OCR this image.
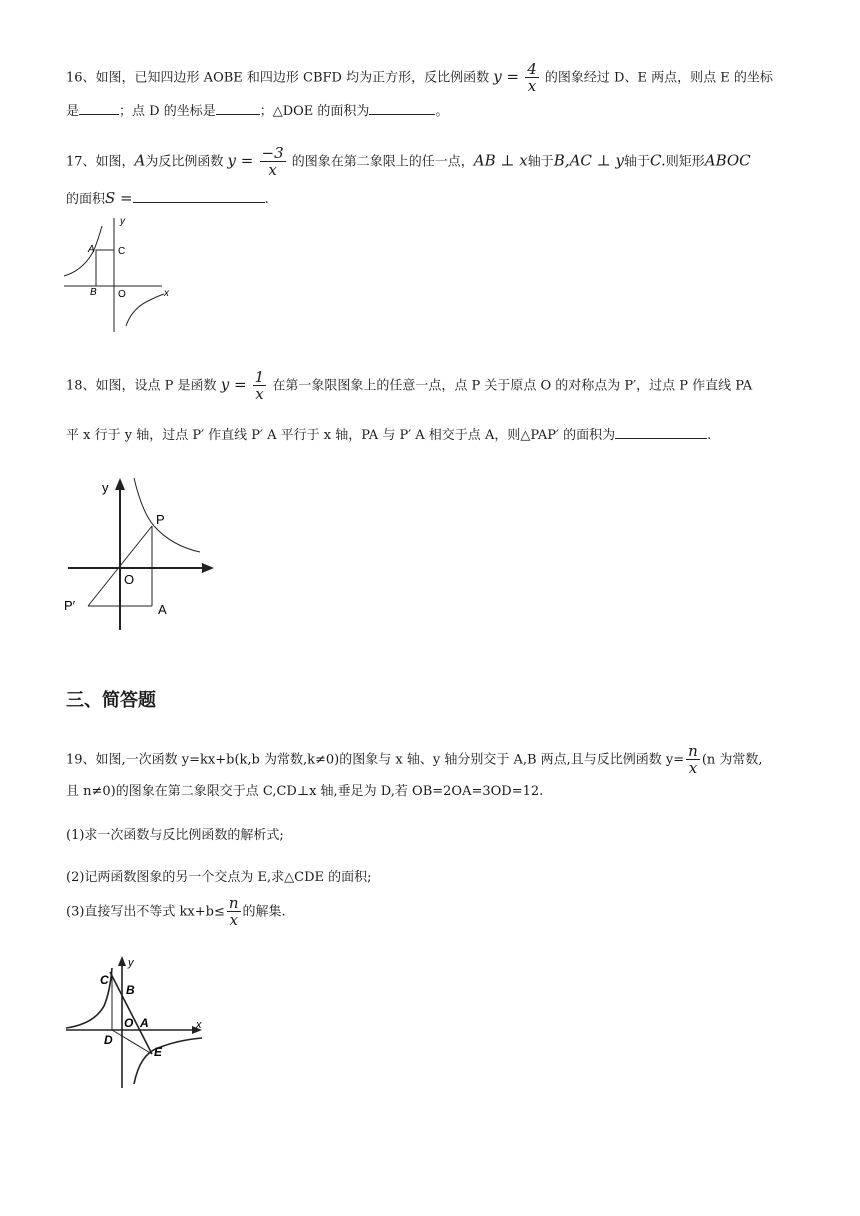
16、如图，已知四边形 AOBE 和四边形 CBFD 均为正方形，反比例函数 $y = \frac{4}{x}$ 的图象经过 D、E 两点，则点 E 的坐标
是	；点 D 的坐标是	；△DOE 的面积为	。
17、如图，A为反比例函数 $y = \frac{-3}{x}$ 的图象在第二象限上的任一点，AB ⊥ x轴于B,AC ⊥ y轴于C.则矩形ABOC
的面积S =	.
A C
B O	x
y
18、如图，设点 P 是函数 $y = \frac{1}{x}$ 在第一象限图象上的任意一点，点 P 关于原点 O 的对称点为 P′，过点 P 作直线 PA
平 x 行于 y 轴，过点 P′ 作直线 P′ A 平行于 x 轴，PA 与 P′ A 相交于点 A，则△PAP′ 的面积为	.
y
P
O
P′	A
三、简答题
19、如图,一次函数 y=kx+b(k,b 为常数,k≠0)的图象与 x 轴、y 轴分别交于 A,B 两点,且与反比例函数 $y= \frac{n}{x} (n$ 为常数,
且 n≠0)的图象在第二象限交于点 C,CD⊥x 轴,垂足为 D,若 OB=2OA=3OD=12.
(1)求一次函数与反比例函数的解析式;
(2)记两函数图象的另一个交点为 E,求△CDE 的面积;
(3)直接写出不等式 $kx+b\le \frac{n}{x}$ 的解集.
C
y
B
O A	x
D
E
